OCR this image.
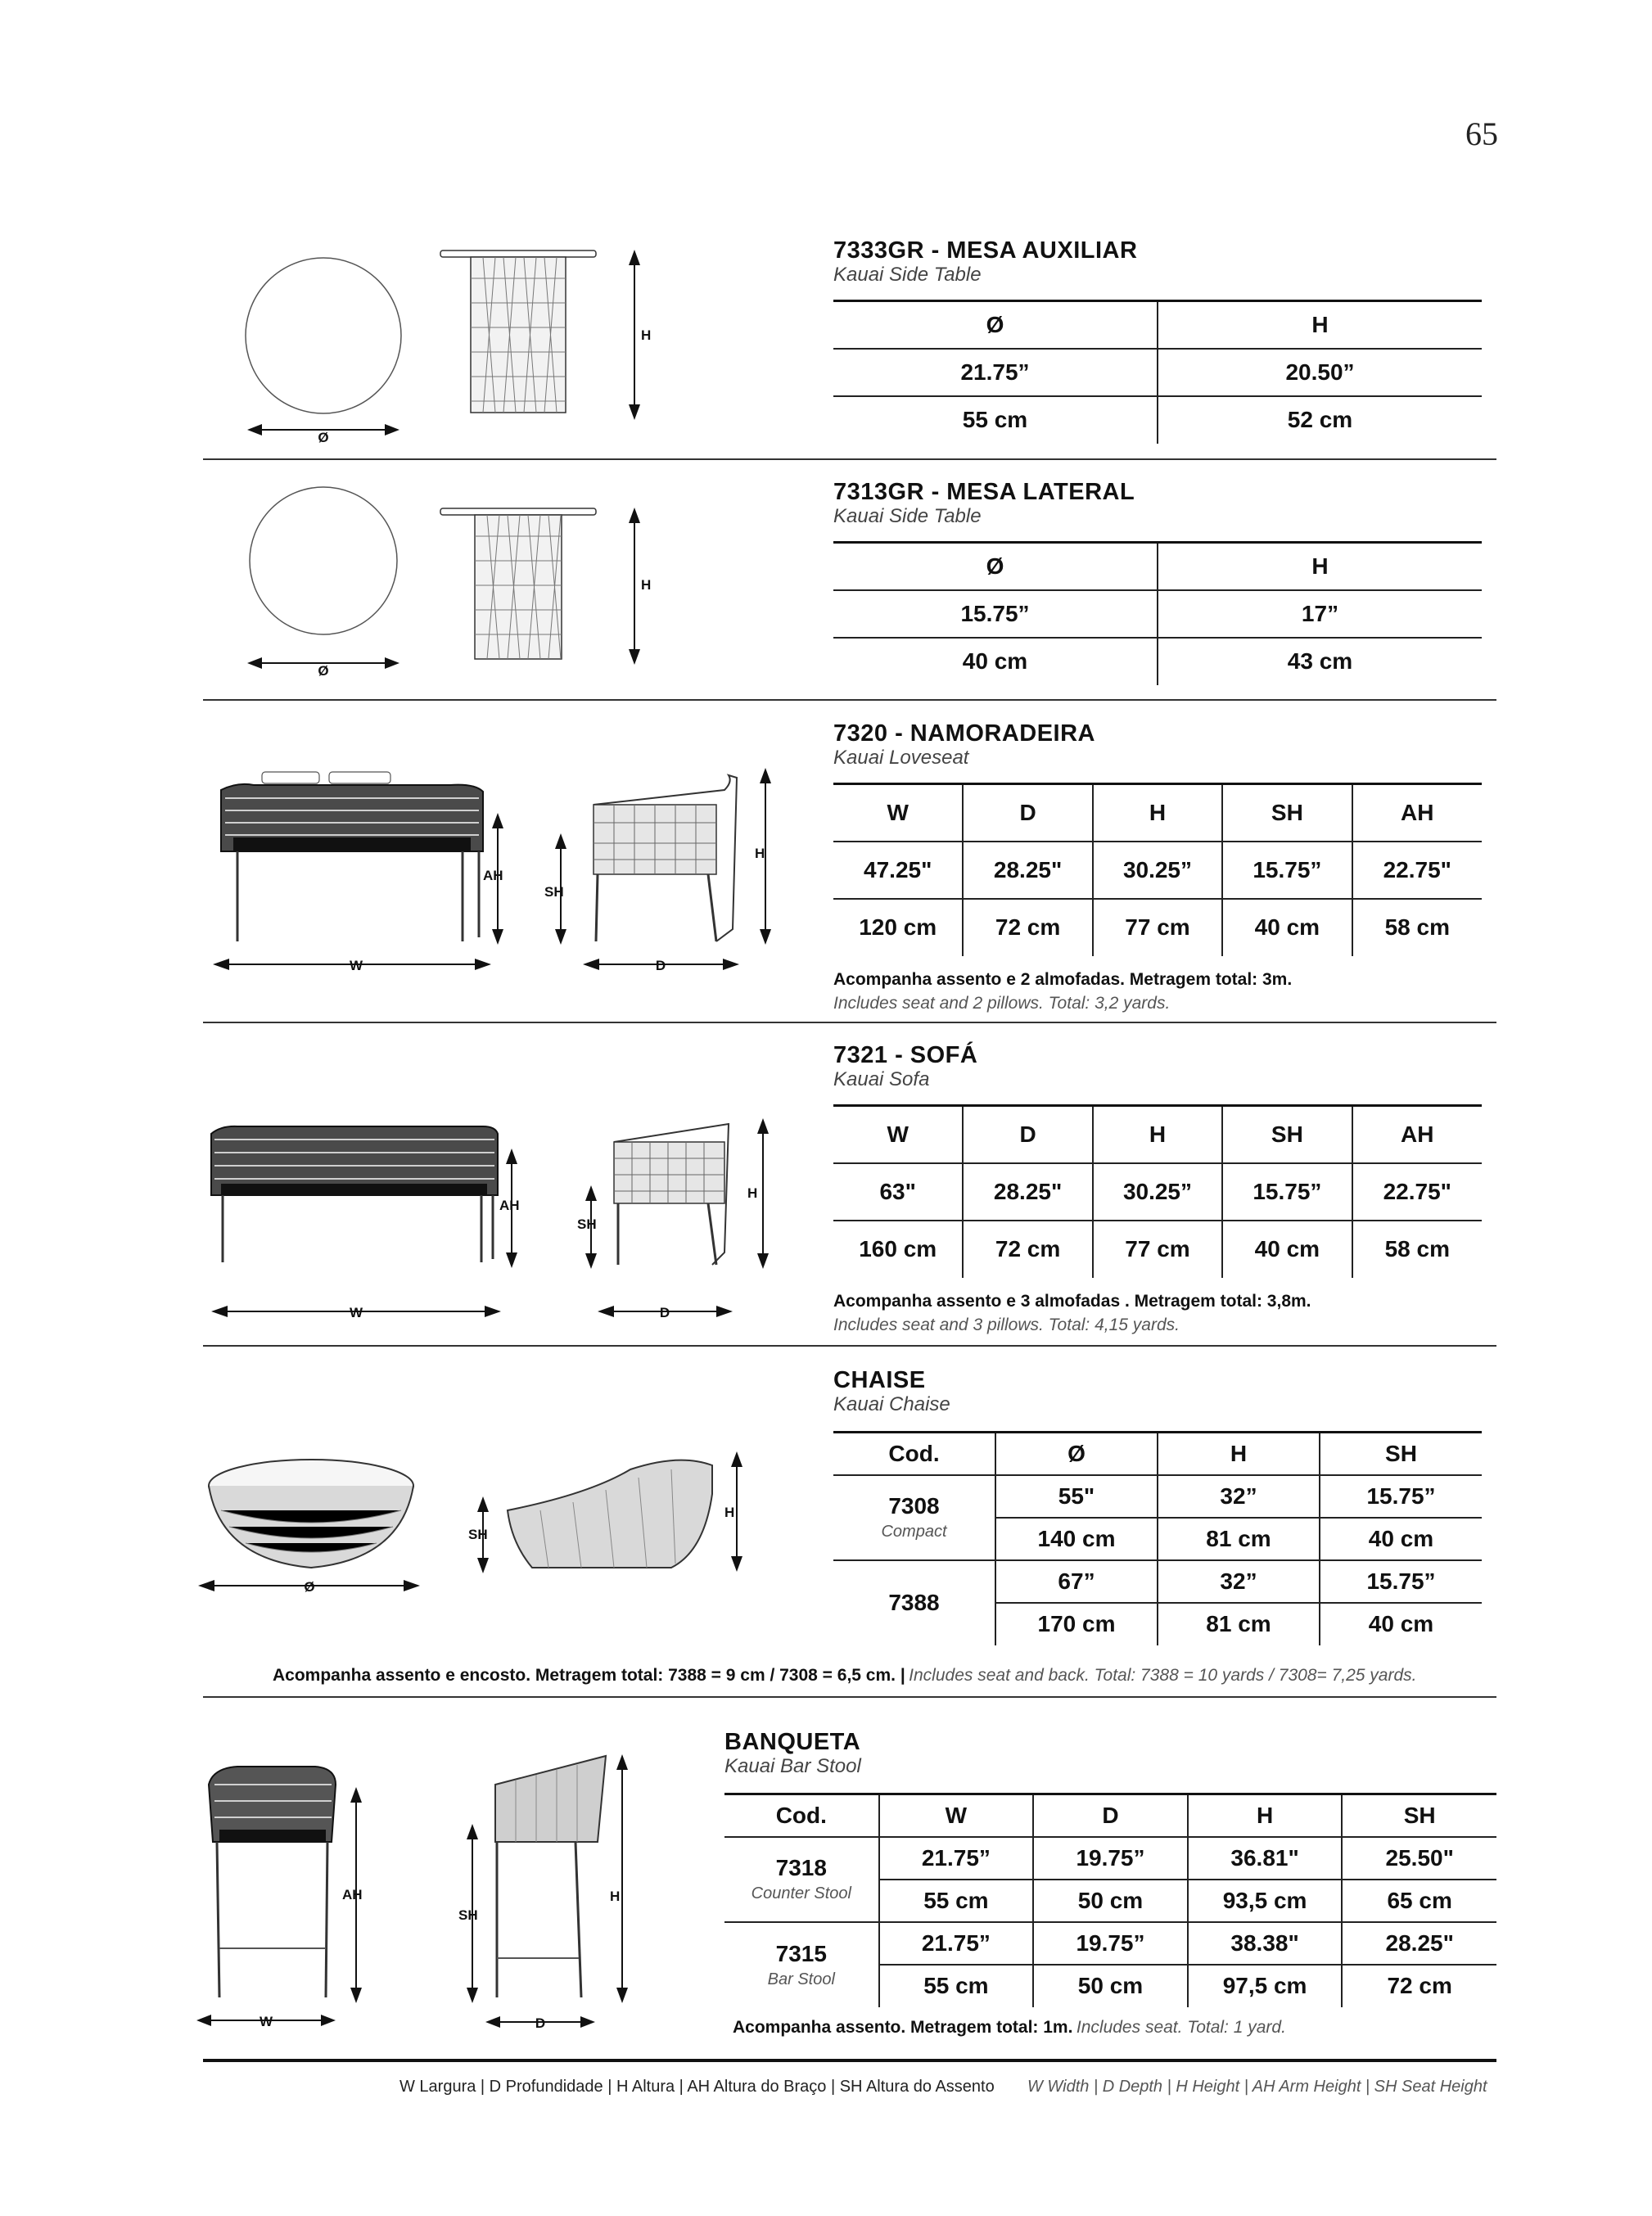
65
Ø
H
7333GR - MESA AUXILIAR
Kauai Side Table
Ø	H
21.75”	20.50”
55 cm	52 cm
Ø
H
7313GR - MESA LATERAL
Kauai Side Table
Ø	H
15.75”	17”
40 cm	43 cm
AH
W
SH
H
D
7320 - NAMORADEIRA
Kauai Loveseat
W	D	H	SH	AH
47.25"	28.25"	30.25”	15.75”	22.75"
120 cm	72 cm	77 cm	40 cm	58 cm
Acompanha assento e 2 almofadas. Metragem total: 3m.
Includes seat and 2 pillows. Total: 3,2 yards.
AH
W
SH
H
D
7321 - SOFÁ
Kauai Sofa
W	D	H	SH	AH
63"	28.25"	30.25”	15.75”	22.75"
160 cm	72 cm	77 cm	40 cm	58 cm
Acompanha assento e 3 almofadas . Metragem total: 3,8m.
Includes seat and 3 pillows. Total: 4,15 yards.
Ø
SH
H
CHAISE
Kauai Chaise
Cod.	Ø	H	SH
7308
Compact	55"	32”	15.75”
	140 cm	81 cm	40 cm
7388	67”	32”	15.75”
	170 cm	81 cm	40 cm
Acompanha assento e encosto. Metragem total: 7388 = 9 cm / 7308 = 6,5 cm. | Includes seat and back. Total: 7388 = 10 yards / 7308= 7,25 yards.
AH
W
SH
H
D
BANQUETA
Kauai Bar Stool
Cod.	W	D	H	SH
7318
Counter Stool	21.75”	19.75”	36.81"	25.50"
	55 cm	50 cm	93,5 cm	65 cm
7315
Bar Stool	21.75”	19.75”	38.38"	28.25"
	55 cm	50 cm	97,5 cm	72 cm
Acompanha assento. Metragem total: 1m. Includes seat. Total: 1 yard.
W Largura | D Profundidade | H Altura | AH Altura do Braço | SH Altura do Assento W Width | D Depth | H Height | AH Arm Height | SH Seat Height
